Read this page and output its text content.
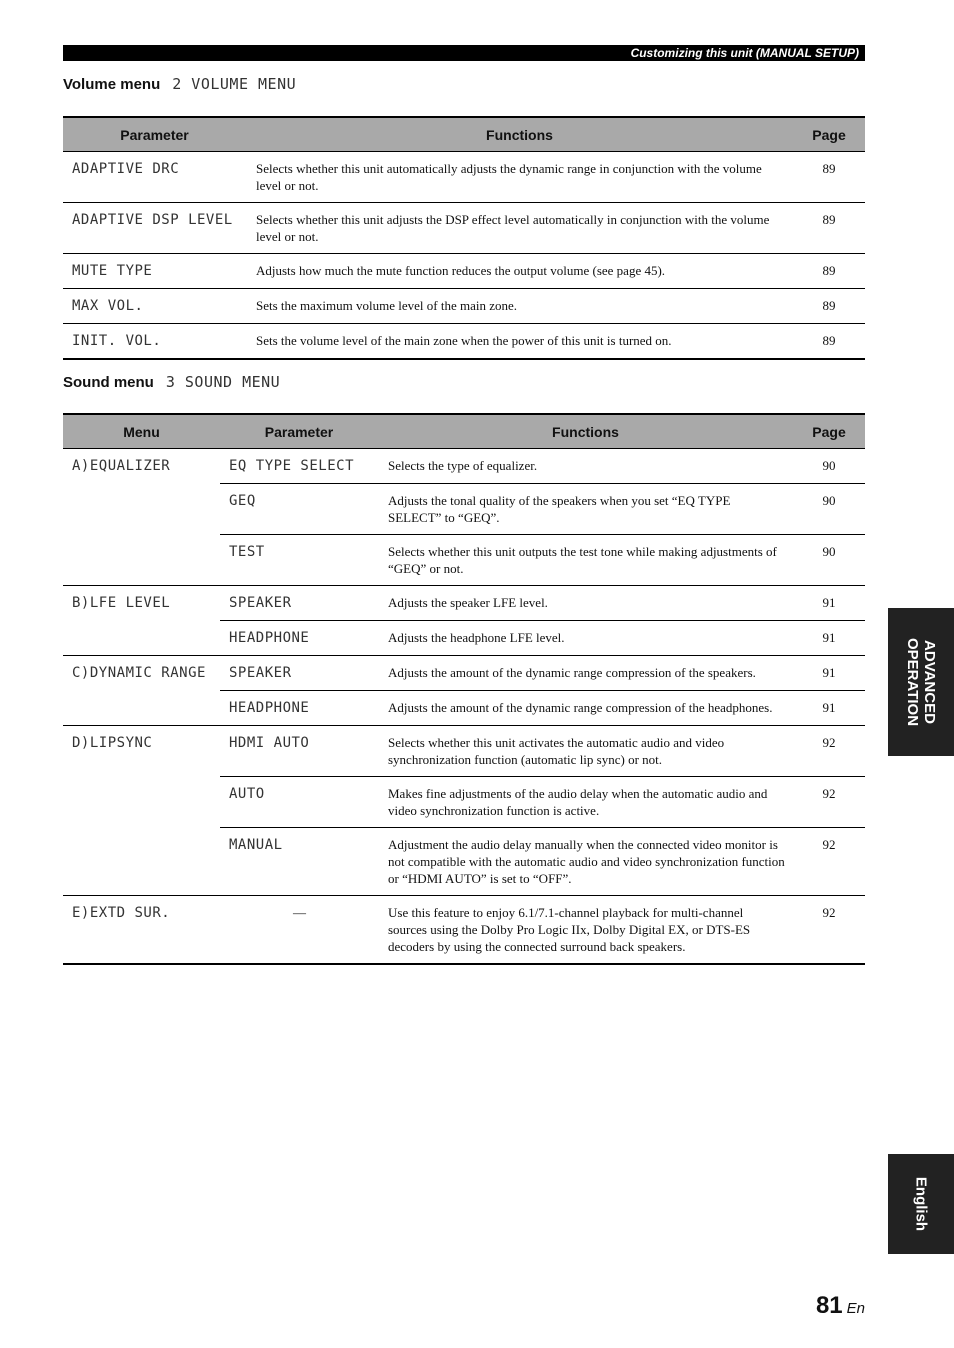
Customizing this unit (MANUAL SETUP)
Volume menu 2 VOLUME MENU
Parameter	Functions	Page
ADAPTIVE DRC	Selects whether this unit automatically adjusts the dynamic range in conjunction with the volume level or not.	89
ADAPTIVE DSP LEVEL	Selects whether this unit adjusts the DSP effect level automatically in conjunction with the volume level or not.	89
MUTE TYPE	Adjusts how much the mute function reduces the output volume (see page 45).	89
MAX VOL.	Sets the maximum volume level of the main zone.	89
INIT. VOL.	Sets the volume level of the main zone when the power of this unit is turned on.	89
Sound menu 3 SOUND MENU
Menu	Parameter	Functions	Page
A)EQUALIZER	EQ TYPE SELECT	Selects the type of equalizer.	90
	GEQ	Adjusts the tonal quality of the speakers when you set “EQ TYPE SELECT” to “GEQ”.	90
	TEST	Selects whether this unit outputs the test tone while making adjustments of “GEQ” or not.	90
B)LFE LEVEL	SPEAKER	Adjusts the speaker LFE level.	91
	HEADPHONE	Adjusts the headphone LFE level.	91
C)DYNAMIC RANGE	SPEAKER	Adjusts the amount of the dynamic range compression of the speakers.	91
	HEADPHONE	Adjusts the amount of the dynamic range compression of the headphones.	91
D)LIPSYNC	HDMI AUTO	Selects whether this unit activates the automatic audio and video synchronization function (automatic lip sync) or not.	92
	AUTO	Makes fine adjustments of the audio delay when the automatic audio and video synchronization function is active.	92
	MANUAL	Adjustment the audio delay manually when the connected video monitor is not compatible with the automatic audio and video synchronization function or “HDMI AUTO” is set to “OFF”.	92
E)EXTD SUR.	—	Use this feature to enjoy 6.1/7.1-channel playback for multi-channel sources using the Dolby Pro Logic IIx, Dolby Digital EX, or DTS-ES decoders by using the connected surround back speakers.	92
ADVANCED OPERATION
English
81 En
